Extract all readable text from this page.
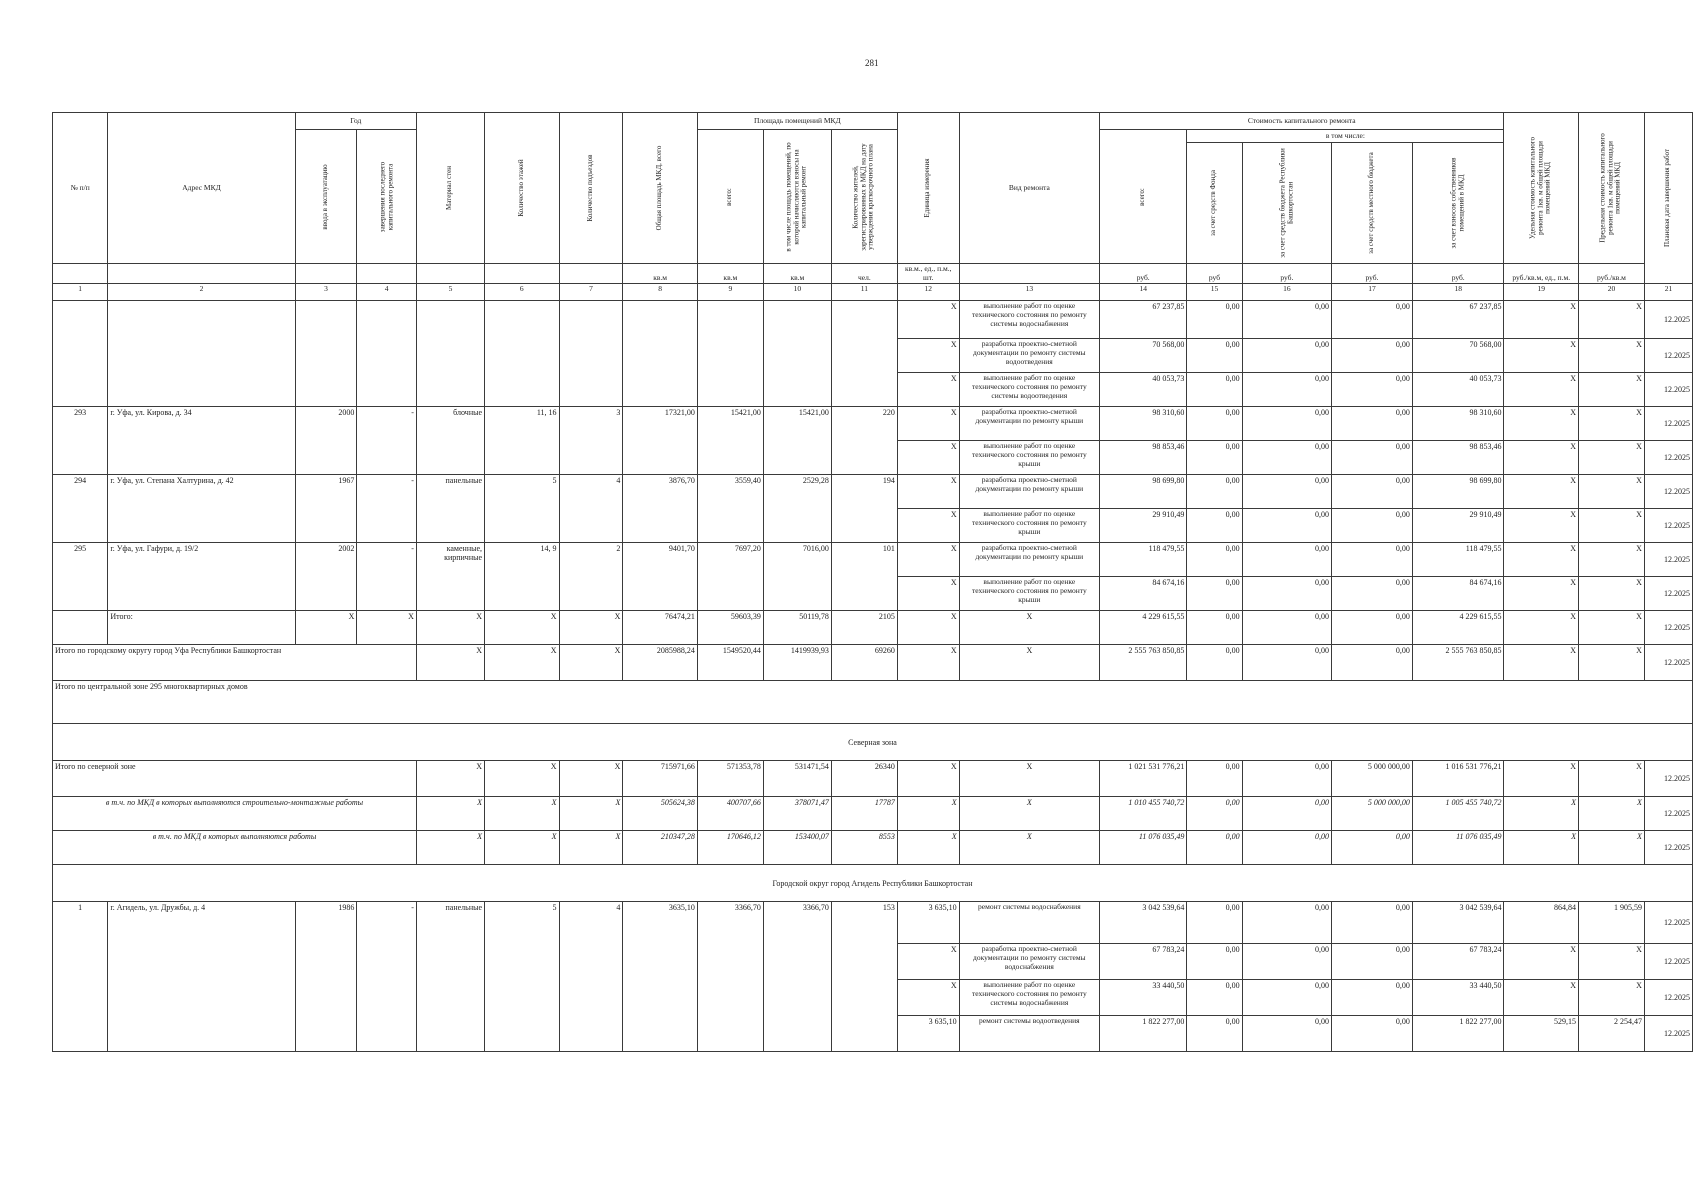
281
№ п/п	Адрес МКД	Год		Материал стен	Количество этажей	Количество подъездов	Общая площадь МКД, всего	Площадь помещений МКД			Единица измерения	Вид ремонта	Стоимость капитального ремонта					Удельная стоимость капитального ремонта 1кв. м общей площади помещений МКД	Предельная стоимость капитального ремонта 1кв. м общей площади помещений МКД	Плановая дата завершения работ

		ввода в эксплуатацию	завершения последнего капитального ремонта					всего:	в том числе площадь помещений, по которой начисляются взносы на капитальный ремонт	Количество жителей, зарегистрированных в МКД на дату утверждения краткосрочного плана			всего:	в том числе:						

														за счет средств Фонда	за счет средств бюджета Республики Башкортостан	за счет средств местного бюджета	за счет взносов собственников помещений в МКД			

							кв.м	кв.м	кв.м	чел.	кв.м., ед., п.м., шт.		руб.	руб	руб.	руб.	руб.	руб./кв.м, ед., п.м.	руб./кв.м	
1	2	3	4	5	6	7	8	9	10	11	12	13	14	15	16	17	18	19	20	21
											X	выполнение работ по оценке технического состояния по ремонту системы водоснабжения	67 237,85	0,00	0,00	0,00	67 237,85	X	X	12.2025
											X	разработка проектно-сметной документации по ремонту системы водоотведения	70 568,00	0,00	0,00	0,00	70 568,00	X	X	12.2025
											X	выполнение работ по оценке технического состояния по ремонту системы водоотведения	40 053,73	0,00	0,00	0,00	40 053,73	X	X	12.2025
293	г. Уфа, ул. Кирова, д. 34	2000	-	блочные	11, 16	3	17321,00	15421,00	15421,00	220	X	разработка проектно-сметной документации по ремонту крыши	98 310,60	0,00	0,00	0,00	98 310,60	X	X	12.2025
											X	выполнение работ по оценке технического состояния по ремонту крыши	98 853,46	0,00	0,00	0,00	98 853,46	X	X	12.2025
294	г. Уфа, ул. Степана Халтурина, д. 42	1967	-	панельные	5	4	3876,70	3559,40	2529,28	194	X	разработка проектно-сметной документации по ремонту крыши	98 699,80	0,00	0,00	0,00	98 699,80	X	X	12.2025
											X	выполнение работ по оценке технического состояния по ремонту крыши	29 910,49	0,00	0,00	0,00	29 910,49	X	X	12.2025
295	г. Уфа, ул. Гафури, д. 19/2	2002	-	каменные, кирпичные	14, 9	2	9401,70	7697,20	7016,00	101	X	разработка проектно-сметной документации по ремонту крыши	118 479,55	0,00	0,00	0,00	118 479,55	X	X	12.2025
											X	выполнение работ по оценке технического состояния по ремонту крыши	84 674,16	0,00	0,00	0,00	84 674,16	X	X	12.2025
	Итого:	X	X	X	X	X	76474,21	59603,39	50119,78	2105	X	X	4 229 615,55	0,00	0,00	0,00	4 229 615,55	X	X	12.2025
Итого по городскому округу город Уфа Республики Башкортостан				X	X	X	2085988,24	1549520,44	1419939,93	69260	X	X	2 555 763 850,85	0,00	0,00	0,00	2 555 763 850,85	X	X	12.2025
Итого по центральной зоне 295 многоквартирных домов																				
Северная зона																				
Итого по северной зоне				X	X	X	715971,66	571353,78	531471,54	26340	X	X	1 021 531 776,21	0,00	0,00	5 000 000,00	1 016 531 776,21	X	X	12.2025
в т.ч. по МКД в которых выполняются строительно-монтажные работы				X	X	X	505624,38	400707,66	378071,47	17787	X	X	1 010 455 740,72	0,00	0,00	5 000 000,00	1 005 455 740,72	X	X	12.2025
в т.ч. по МКД в которых выполняются работы				X	X	X	210347,28	170646,12	153400,07	8553	X	X	11 076 035,49	0,00	0,00	0,00	11 076 035,49	X	X	12.2025
Городской округ город Агидель Республики Башкортостан																				
1	г. Агидель, ул. Дружбы, д. 4	1986	-	панельные	5	4	3635,10	3366,70	3366,70	153	3 635,10	ремонт системы водоснабжения	3 042 539,64	0,00	0,00	0,00	3 042 539,64	864,84	1 905,59	12.2025
											X	разработка проектно-сметной документации по ремонту системы водоснабжения	67 783,24	0,00	0,00	0,00	67 783,24	X	X	12.2025
											X	выполнение работ по оценке технического состояния по ремонту системы водоснабжения	33 440,50	0,00	0,00	0,00	33 440,50	X	X	12.2025
											3 635,10	ремонт системы водоотведения	1 822 277,00	0,00	0,00	0,00	1 822 277,00	529,15	2 254,47	12.2025
